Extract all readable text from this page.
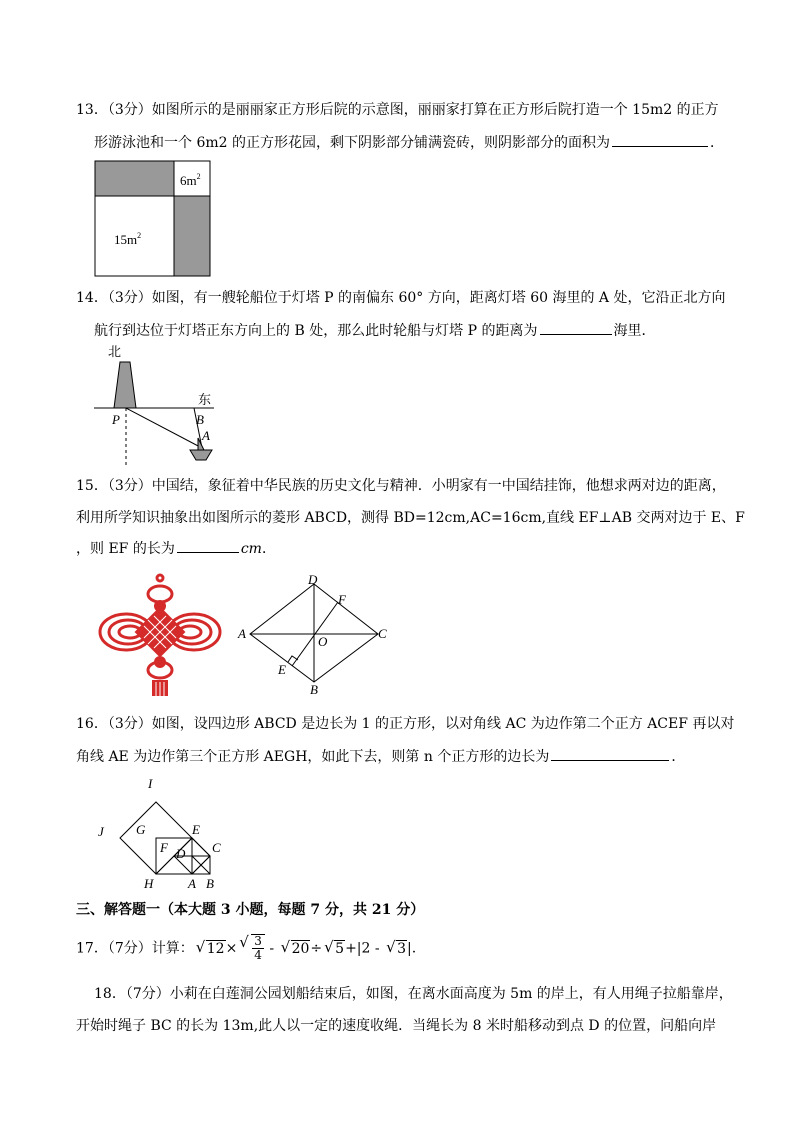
13．（3分）如图所示的是丽丽家正方形后院的示意图，丽丽家打算在正方形后院打造一个 15m2 的正方
形游泳池和一个 6m2 的正方形花园，剩下阴影部分铺满瓷砖，则阴影部分的面积为	．
$6m^2$
$15m^2$
14．（3分）如图，有一艘轮船位于灯塔 P 的南偏东 60° 方向，距离灯塔 60 海里的 A 处，它沿正北方向
航行到达位于灯塔正东方向上的 B 处，那么此时轮船与灯塔 P 的距离为	海里．
北
东
P	B
A
15．（3分）中国结，象征着中华民族的历史文化与精神．小明家有一中国结挂饰，他想求两对边的距离，
利用所学知识抽象出如图所示的菱形 ABCD，测得 BD=12cm,AC=16cm,直线 EF⊥AB 交两对边于 E、F
，则 EF 的长为	cm．
D
F
A
O
C
E
B
16．（3分）如图，设四边形 ABCD 是边长为 1 的正方形，以对角线 AC 为边作第二个正方 ACEF 再以对
角线 AE 为边作第三个正方形 AEGH，如此下去，则第 n 个正方形的边长为	．
I
J G	E
F D C
H	A B
三、解答题一（本大题 3 小题，每题 7 分，共 21 分）
17．（7分）计算： √ 12× √ $\frac{3}{4}$ - √ 20÷ √ 5+|2 - √ 3|.
18．（7分）小莉在白莲洞公园划船结束后，如图，在离水面高度为 5m 的岸上，有人用绳子拉船靠岸，
开始时绳子 BC 的长为 13m,此人以一定的速度收绳．当绳长为 8 米时船移动到点 D 的位置，问船向岸
